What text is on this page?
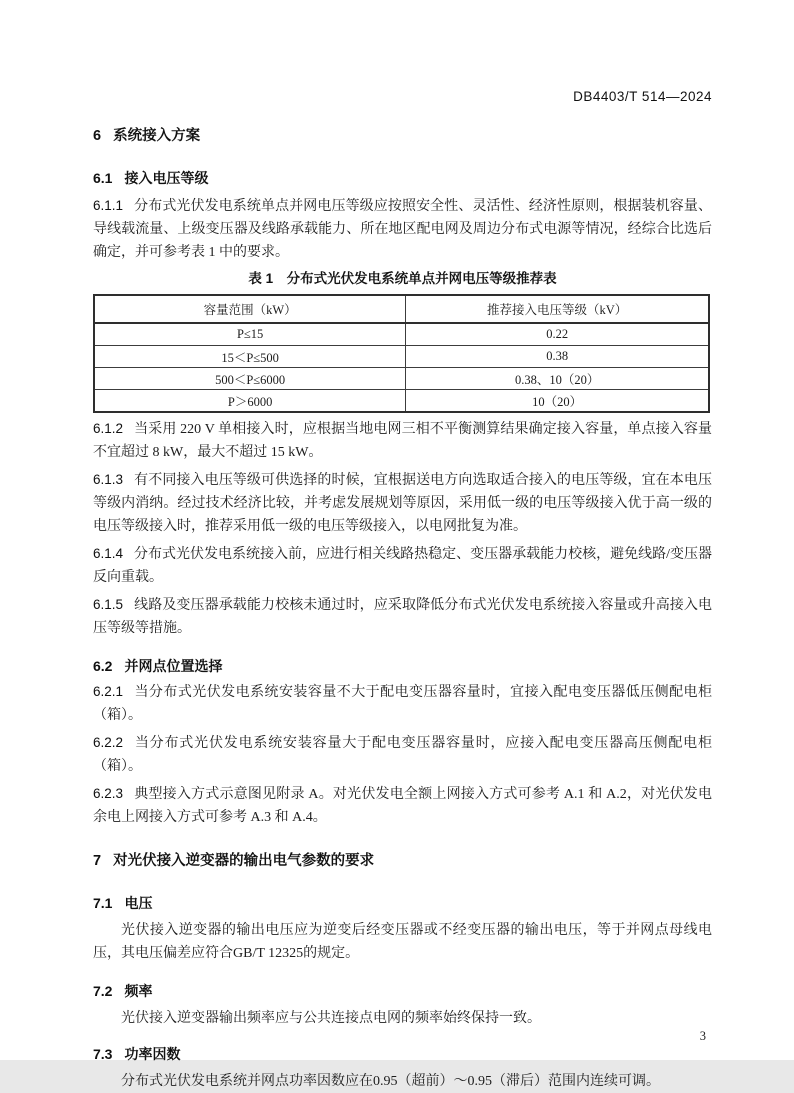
DB4403/T 514—2024
6 系统接入方案
6.1 接入电压等级

6.1.1 分布式光伏发电系统单点并网电压等级应按照安全性、灵活性、经济性原则，根据装机容量、导线载流量、上级变压器及线路承载能力、所在地区配电网及周边分布式电源等情况，经综合比选后确定，并可参考表 1 中的要求。

表 1　分布式光伏发电系统单点并网电压等级推荐表
容量范围（kW）	推荐接入电压等级（kV）
P≤15	0.22
15＜P≤500	0.38
500＜P≤6000	0.38、10（20）
P＞6000	10（20）

6.1.2 当采用 220 V 单相接入时，应根据当地电网三相不平衡测算结果确定接入容量，单点接入容量不宜超过 8 kW，最大不超过 15 kW。

6.1.3 有不同接入电压等级可供选择的时候，宜根据送电方向选取适合接入的电压等级，宜在本电压等级内消纳。经过技术经济比较，并考虑发展规划等原因，采用低一级的电压等级接入优于高一级的电压等级接入时，推荐采用低一级的电压等级接入，以电网批复为准。

6.1.4 分布式光伏发电系统接入前，应进行相关线路热稳定、变压器承载能力校核，避免线路/变压器反向重载。

6.1.5 线路及变压器承载能力校核未通过时，应采取降低分布式光伏发电系统接入容量或升高接入电压等级等措施。

6.2 并网点位置选择

6.2.1 当分布式光伏发电系统安装容量不大于配电变压器容量时，宜接入配电变压器低压侧配电柜（箱）。

6.2.2 当分布式光伏发电系统安装容量大于配电变压器容量时，应接入配电变压器高压侧配电柜（箱）。

6.2.3 典型接入方式示意图见附录 A。对光伏发电全额上网接入方式可参考 A.1 和 A.2，对光伏发电余电上网接入方式可参考 A.3 和 A.4。

7 对光伏接入逆变器的输出电气参数的要求
7.1 电压

光伏接入逆变器的输出电压应为逆变后经变压器或不经变压器的输出电压，等于并网点母线电压，其电压偏差应符合GB/T 12325的规定。

7.2 频率

光伏接入逆变器输出频率应与公共连接点电网的频率始终保持一致。

7.3 功率因数

分布式光伏发电系统并网点功率因数应在0.95（超前）～0.95（滞后）范围内连续可调。

3
